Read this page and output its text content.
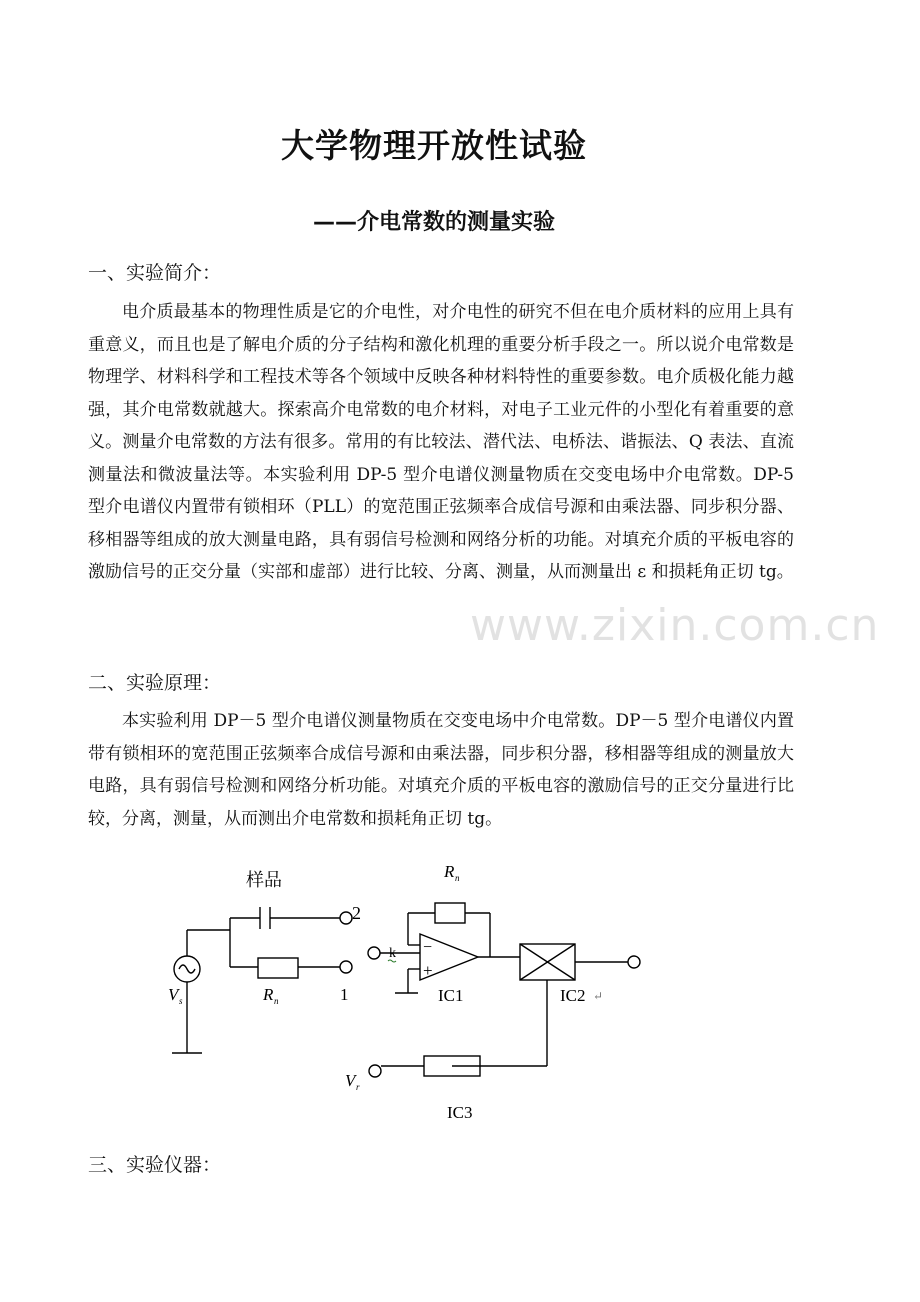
大学物理开放性试验
——介电常数的测量实验
一、实验简介：
电介质最基本的物理性质是它的介电性，对介电性的研究不但在电介质材料的应用上具有重意义，而且也是了解电介质的分子结构和激化机理的重要分析手段之一。所以说介电常数是物理学、材料科学和工程技术等各个领域中反映各种材料特性的重要参数。电介质极化能力越强，其介电常数就越大。探索高介电常数的电介材料，对电子工业元件的小型化有着重要的意义。测量介电常数的方法有很多。常用的有比较法、潜代法、电桥法、谐振法、Q 表法、直流测量法和微波量法等。本实验利用 DP-5 型介电谱仪测量物质在交变电场中介电常数。DP-5 型介电谱仪内置带有锁相环（PLL）的宽范围正弦频率合成信号源和由乘法器、同步积分器、移相器等组成的放大测量电路，具有弱信号检测和网络分析的功能。对填充介质的平板电容的激励信号的正交分量（实部和虚部）进行比较、分离、测量，从而测量出 ε 和损耗角正切 tg。
二、实验原理：
本实验利用 DP－5 型介电谱仪测量物质在交变电场中介电常数。DP－5 型介电谱仪内置带有锁相环的宽范围正弦频率合成信号源和由乘法器，同步积分器，移相器等组成的测量放大电路，具有弱信号检测和网络分析功能。对填充介质的平板电容的激励信号的正交分量进行比较，分离，测量，从而测出介电常数和损耗角正切 tg。
样品
2
1
k −
+
IC1	IC2 ↵
IC3
R n
R n
V s
V r
三、实验仪器：
www.zixin.com.cn
